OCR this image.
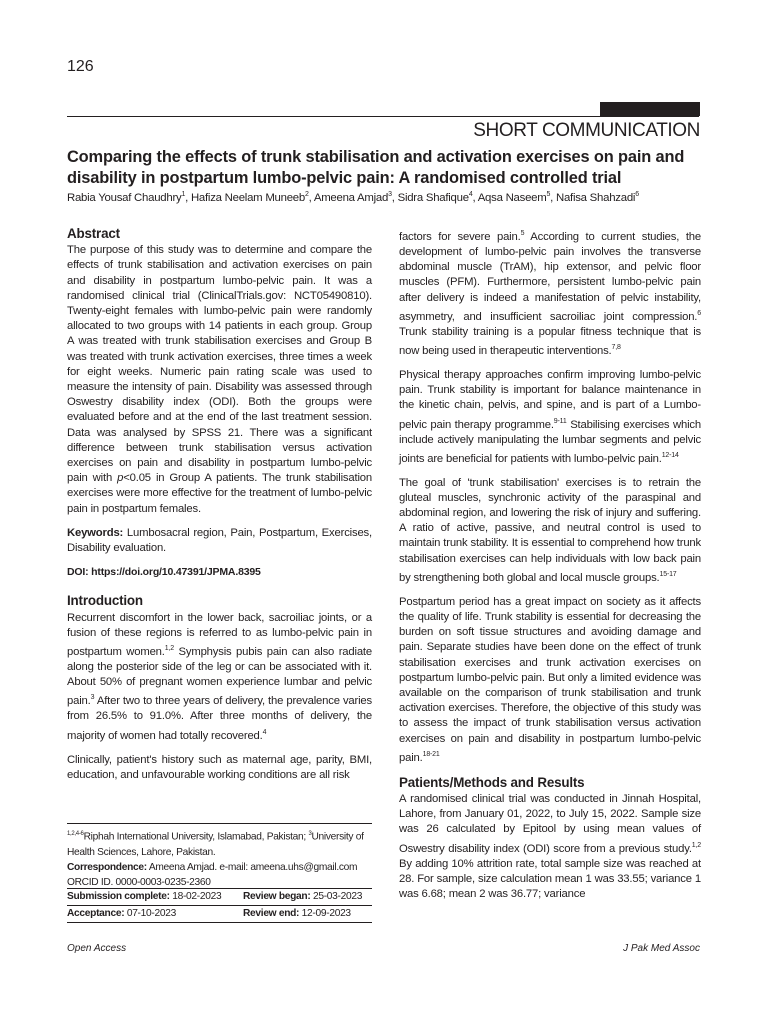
126
SHORT COMMUNICATION
Comparing the effects of trunk stabilisation and activation exercises on pain and disability in postpartum lumbo-pelvic pain: A randomised controlled trial
Rabia Yousaf Chaudhry$^1$, Hafiza Neelam Muneeb$^2$, Ameena Amjad$^3$, Sidra Shafique$^4$, Aqsa Naseem$^5$, Nafisa Shahzadi$^6$
Abstract

The purpose of this study was to determine and compare the effects of trunk stabilisation and activation exercises on pain and disability in postpartum lumbo-pelvic pain. It was a randomised clinical trial (ClinicalTrials.gov: NCT05490810). Twenty-eight females with lumbo-pelvic pain were randomly allocated to two groups with 14 patients in each group. Group A was treated with trunk stabilisation exercises and Group B was treated with trunk activation exercises, three times a week for eight weeks. Numeric pain rating scale was used to measure the intensity of pain. Disability was assessed through Oswestry disability index (ODI). Both the groups were evaluated before and at the end of the last treatment session. Data was analysed by SPSS 21. There was a significant difference between trunk stabilisation versus activation exercises on pain and disability in postpartum lumbo-pelvic pain with p<0.05 in Group A patients. The trunk stabilisation exercises were more effective for the treatment of lumbo-pelvic pain in postpartum females.

Keywords: Lumbosacral region, Pain, Postpartum, Exercises, Disability evaluation.

DOI: https://doi.org/10.47391/JPMA.8395

Introduction

Recurrent discomfort in the lower back, sacroiliac joints, or a fusion of these regions is referred to as lumbo-pelvic pain in postpartum women.$^{1,2}$ Symphysis pubis pain can also radiate along the posterior side of the leg or can be associated with it. About 50% of pregnant women experience lumbar and pelvic pain.$^3$ After two to three years of delivery, the prevalence varies from 26.5% to 91.0%. After three months of delivery, the majority of women had totally recovered.$^4$

Clinically, patient's history such as maternal age, parity, BMI, education, and unfavourable working conditions are all risk

$^{1,2,4-6}$Riphah International University, Islamabad, Pakistan; $^3$University of
Health Sciences, Lahore, Pakistan.
Correspondence: Ameena Amjad. e-mail: ameena.uhs@gmail.com
ORCID ID. 0000-0003-0235-2360
Submission complete: 18-02-2023	Review began: 25-03-2023
Acceptance: 07-10-2023	Review end: 12-09-2023

factors for severe pain.$^5$ According to current studies, the development of lumbo-pelvic pain involves the transverse abdominal muscle (TrAM), hip extensor, and pelvic floor muscles (PFM). Furthermore, persistent lumbo-pelvic pain after delivery is indeed a manifestation of pelvic instability, asymmetry, and insufficient sacroiliac joint compression.$^6$ Trunk stability training is a popular fitness technique that is now being used in therapeutic interventions.$^{7,8}$

Physical therapy approaches confirm improving lumbo-pelvic pain. Trunk stability is important for balance maintenance in the kinetic chain, pelvis, and spine, and is part of a Lumbo-pelvic pain therapy programme.$^{9-11}$ Stabilising exercises which include actively manipulating the lumbar segments and pelvic joints are beneficial for patients with lumbo-pelvic pain.$^{12-14}$

The goal of 'trunk stabilisation' exercises is to retrain the gluteal muscles, synchronic activity of the paraspinal and abdominal region, and lowering the risk of injury and suffering. A ratio of active, passive, and neutral control is used to maintain trunk stability. It is essential to comprehend how trunk stabilisation exercises can help individuals with low back pain by strengthening both global and local muscle groups.$^{15-17}$

Postpartum period has a great impact on society as it affects the quality of life. Trunk stability is essential for decreasing the burden on soft tissue structures and avoiding damage and pain. Separate studies have been done on the effect of trunk stabilisation exercises and trunk activation exercises on postpartum lumbo-pelvic pain. But only a limited evidence was available on the comparison of trunk stabilisation and trunk activation exercises. Therefore, the objective of this study was to assess the impact of trunk stabilisation versus activation exercises on pain and disability in postpartum lumbo-pelvic pain.$^{18-21}$

Patients/Methods and Results

A randomised clinical trial was conducted in Jinnah Hospital, Lahore, from January 01, 2022, to July 15, 2022. Sample size was 26 calculated by Epitool by using mean values of Oswestry disability index (ODI) score from a previous study.$^{1,2}$ By adding 10% attrition rate, total sample size was reached at 28. For sample, size calculation mean 1 was 33.55; variance 1 was 6.68; mean 2 was 36.77; variance

Open Access	J Pak Med Assoc
